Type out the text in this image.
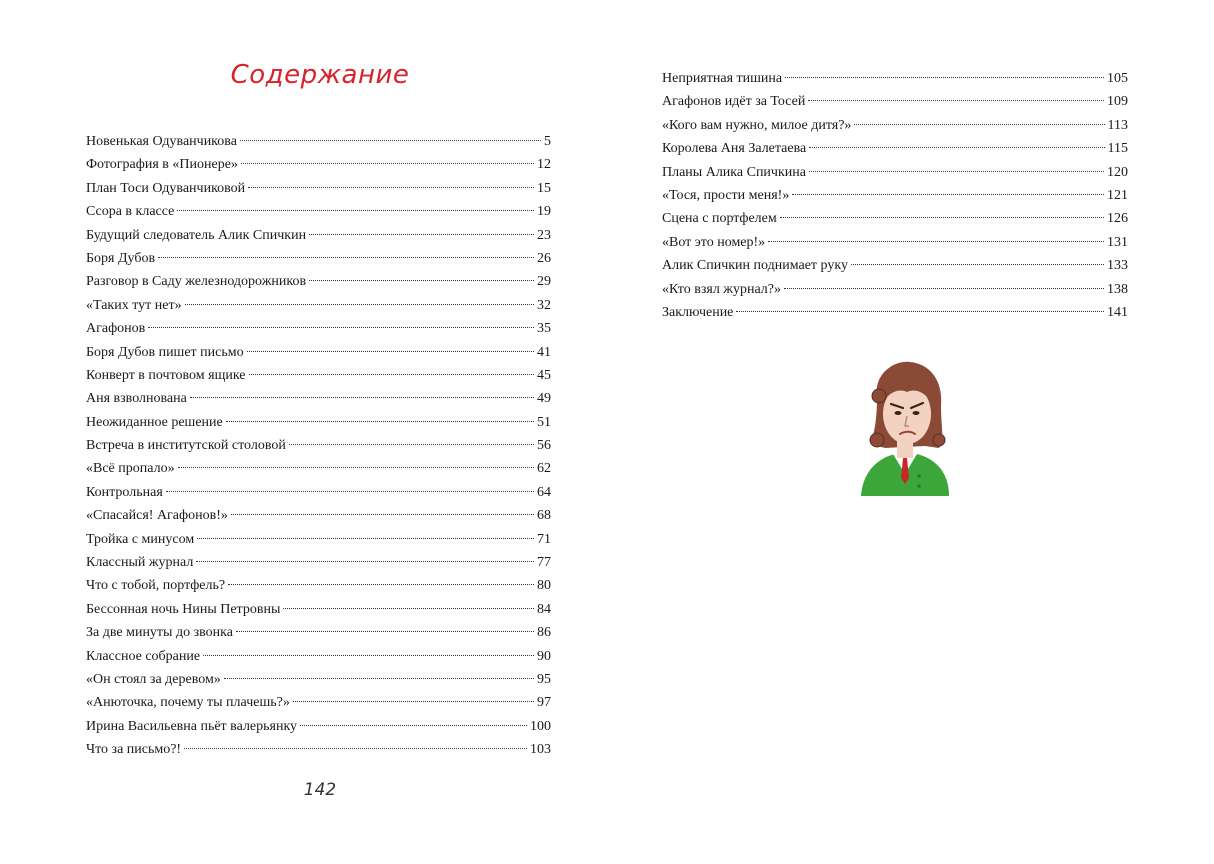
Содержание
Новенькая Одуванчикова	5
Фотография в «Пионере»	12
План Тоси Одуванчиковой	15
Ссора в классе	19
Будущий следователь Алик Спичкин	23
Боря Дубов	26
Разговор в Саду железнодорожников	29
«Таких тут нет»	32
Агафонов	35
Боря Дубов пишет письмо	41
Конверт в почтовом ящике	45
Аня взволнована	49
Неожиданное решение	51
Встреча в институтской столовой	56
«Всё пропало»	62
Контрольная	64
«Спасайся! Агафонов!»	68
Тройка с минусом	71
Классный журнал	77
Что с тобой, портфель?	80
Бессонная ночь Нины Петровны	84
За две минуты до звонка	86
Классное собрание	90
«Он стоял за деревом»	95
«Анюточка, почему ты плачешь?»	97
Ирина Васильевна пьёт валерьянку	100
Что за письмо?!	103
Неприятная тишина	105
Агафонов идёт за Тосей	109
«Кого вам нужно, милое дитя?»	113
Королева Аня Залетаева	115
Планы Алика Спичкина	120
«Тося, прости меня!»	121
Сцена с портфелем	126
«Вот это номер!»	131
Алик Спичкин поднимает руку	133
«Кто взял журнал?»	138
Заключение	141
142
